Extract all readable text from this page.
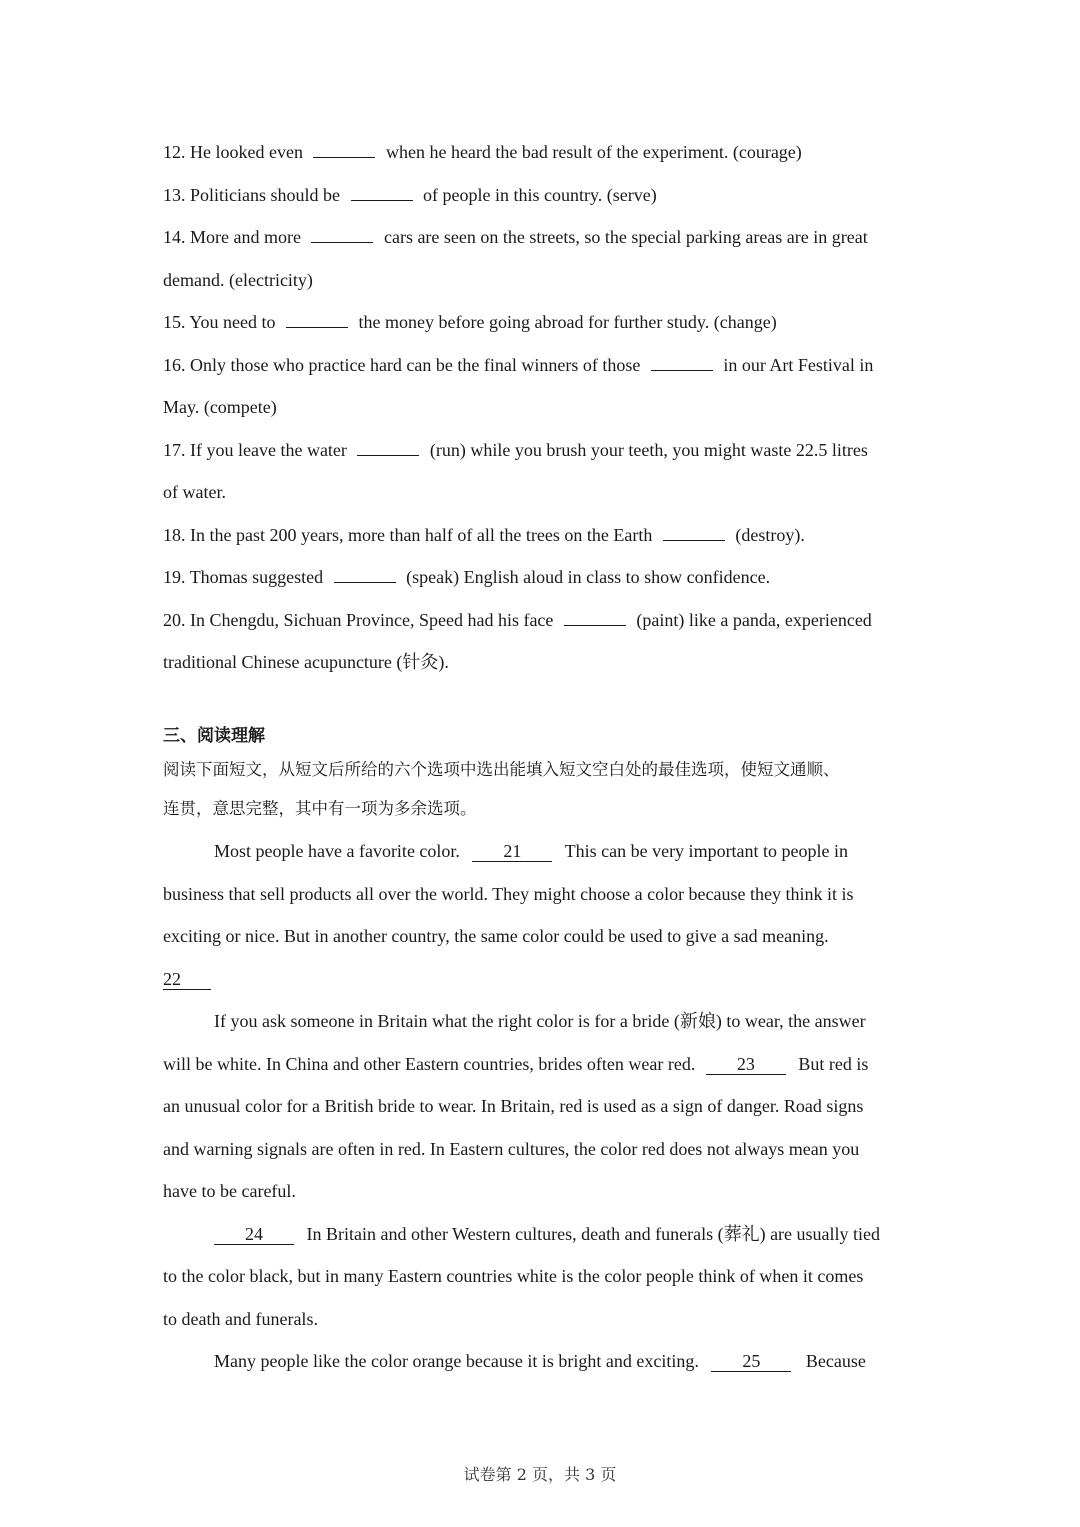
12. He looked even	when he heard the bad result of the experiment. (courage)
13. Politicians should be	of people in this country. (serve)
14. More and more	cars are seen on the streets, so the special parking areas are in great
demand. (electricity)
15. You need to	the money before going abroad for further study. (change)
16. Only those who practice hard can be the final winners of those	in our Art Festival in
May. (compete)
17. If you leave the water	(run) while you brush your teeth, you might waste 22.5 litres
of water.
18. In the past 200 years, more than half of all the trees on the Earth	(destroy).
19. Thomas suggested	(speak) English aloud in class to show confidence.
20. In Chengdu, Sichuan Province, Speed had his face	(paint) like a panda, experienced
traditional Chinese acupuncture (针灸).
三、阅读理解
阅读下面短文，从短文后所给的六个选项中选出能填入短文空白处的最佳选项，使短文通顺、
连贯，意思完整，其中有一项为多余选项。
Most people have a favorite color. 21 This can be very important to people in
business that sell products all over the world. They might choose a color because they think it is
exciting or nice. But in another country, the same color could be used to give a sad meaning.
22
If you ask someone in Britain what the right color is for a bride (新娘) to wear, the answer
will be white. In China and other Eastern countries, brides often wear red. 23 But red is
an unusual color for a British bride to wear. In Britain, red is used as a sign of danger. Road signs
and warning signals are often in red. In Eastern cultures, the color red does not always mean you
have to be careful.
24 In Britain and other Western cultures, death and funerals (葬礼) are usually tied
to the color black, but in many Eastern countries white is the color people think of when it comes
to death and funerals.
Many people like the color orange because it is bright and exciting. 25	Because
试卷第 2 页，共 3 页
